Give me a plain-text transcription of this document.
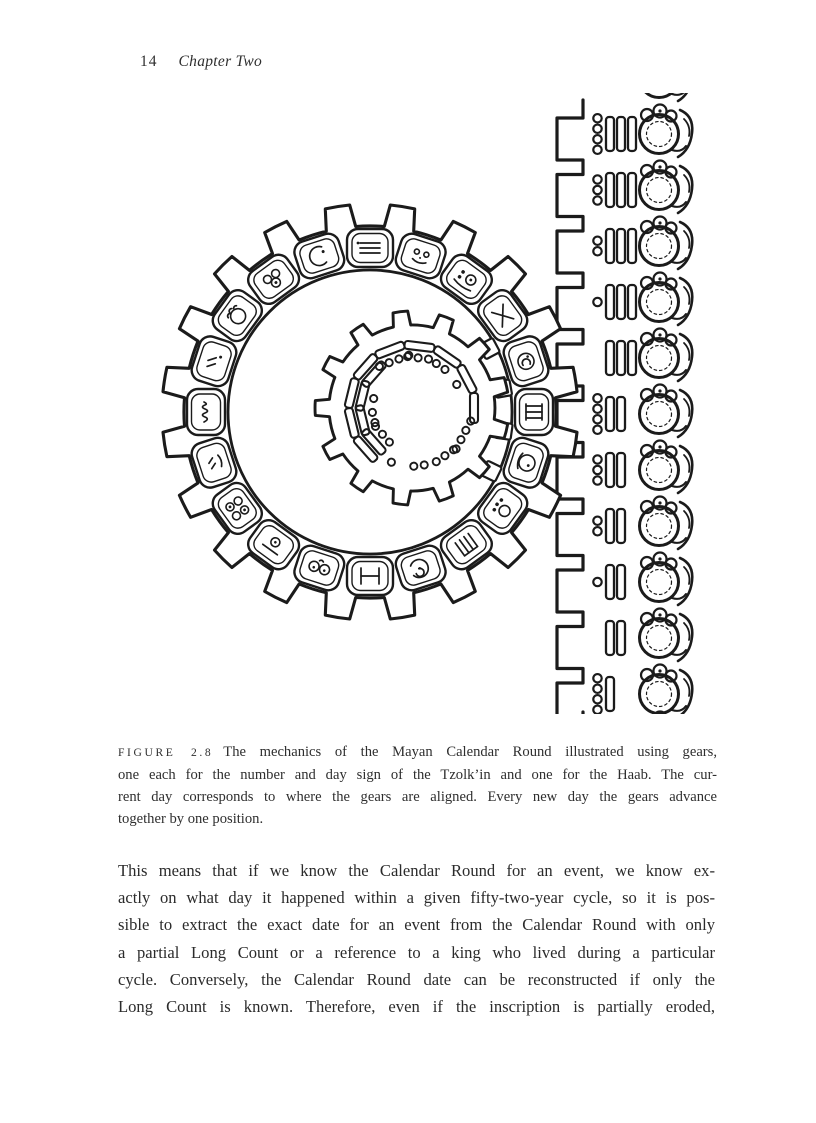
14 Chapter Two
FIGURE 2.8 The mechanics of the Mayan Calendar Round illustrated using gears,
one each for the number and day sign of the Tzolk’in and one for the Haab. The cur-
rent day corresponds to where the gears are aligned. Every new day the gears advance
together by one position.
This means that if we know the Calendar Round for an event, we know ex-
actly on what day it happened within a given fifty-two-year cycle, so it is pos-
sible to extract the exact date for an event from the Calendar Round with only
a partial Long Count or a reference to a king who lived during a particular
cycle. Conversely, the Calendar Round date can be reconstructed if only the
Long Count is known. Therefore, even if the inscription is partially eroded,
